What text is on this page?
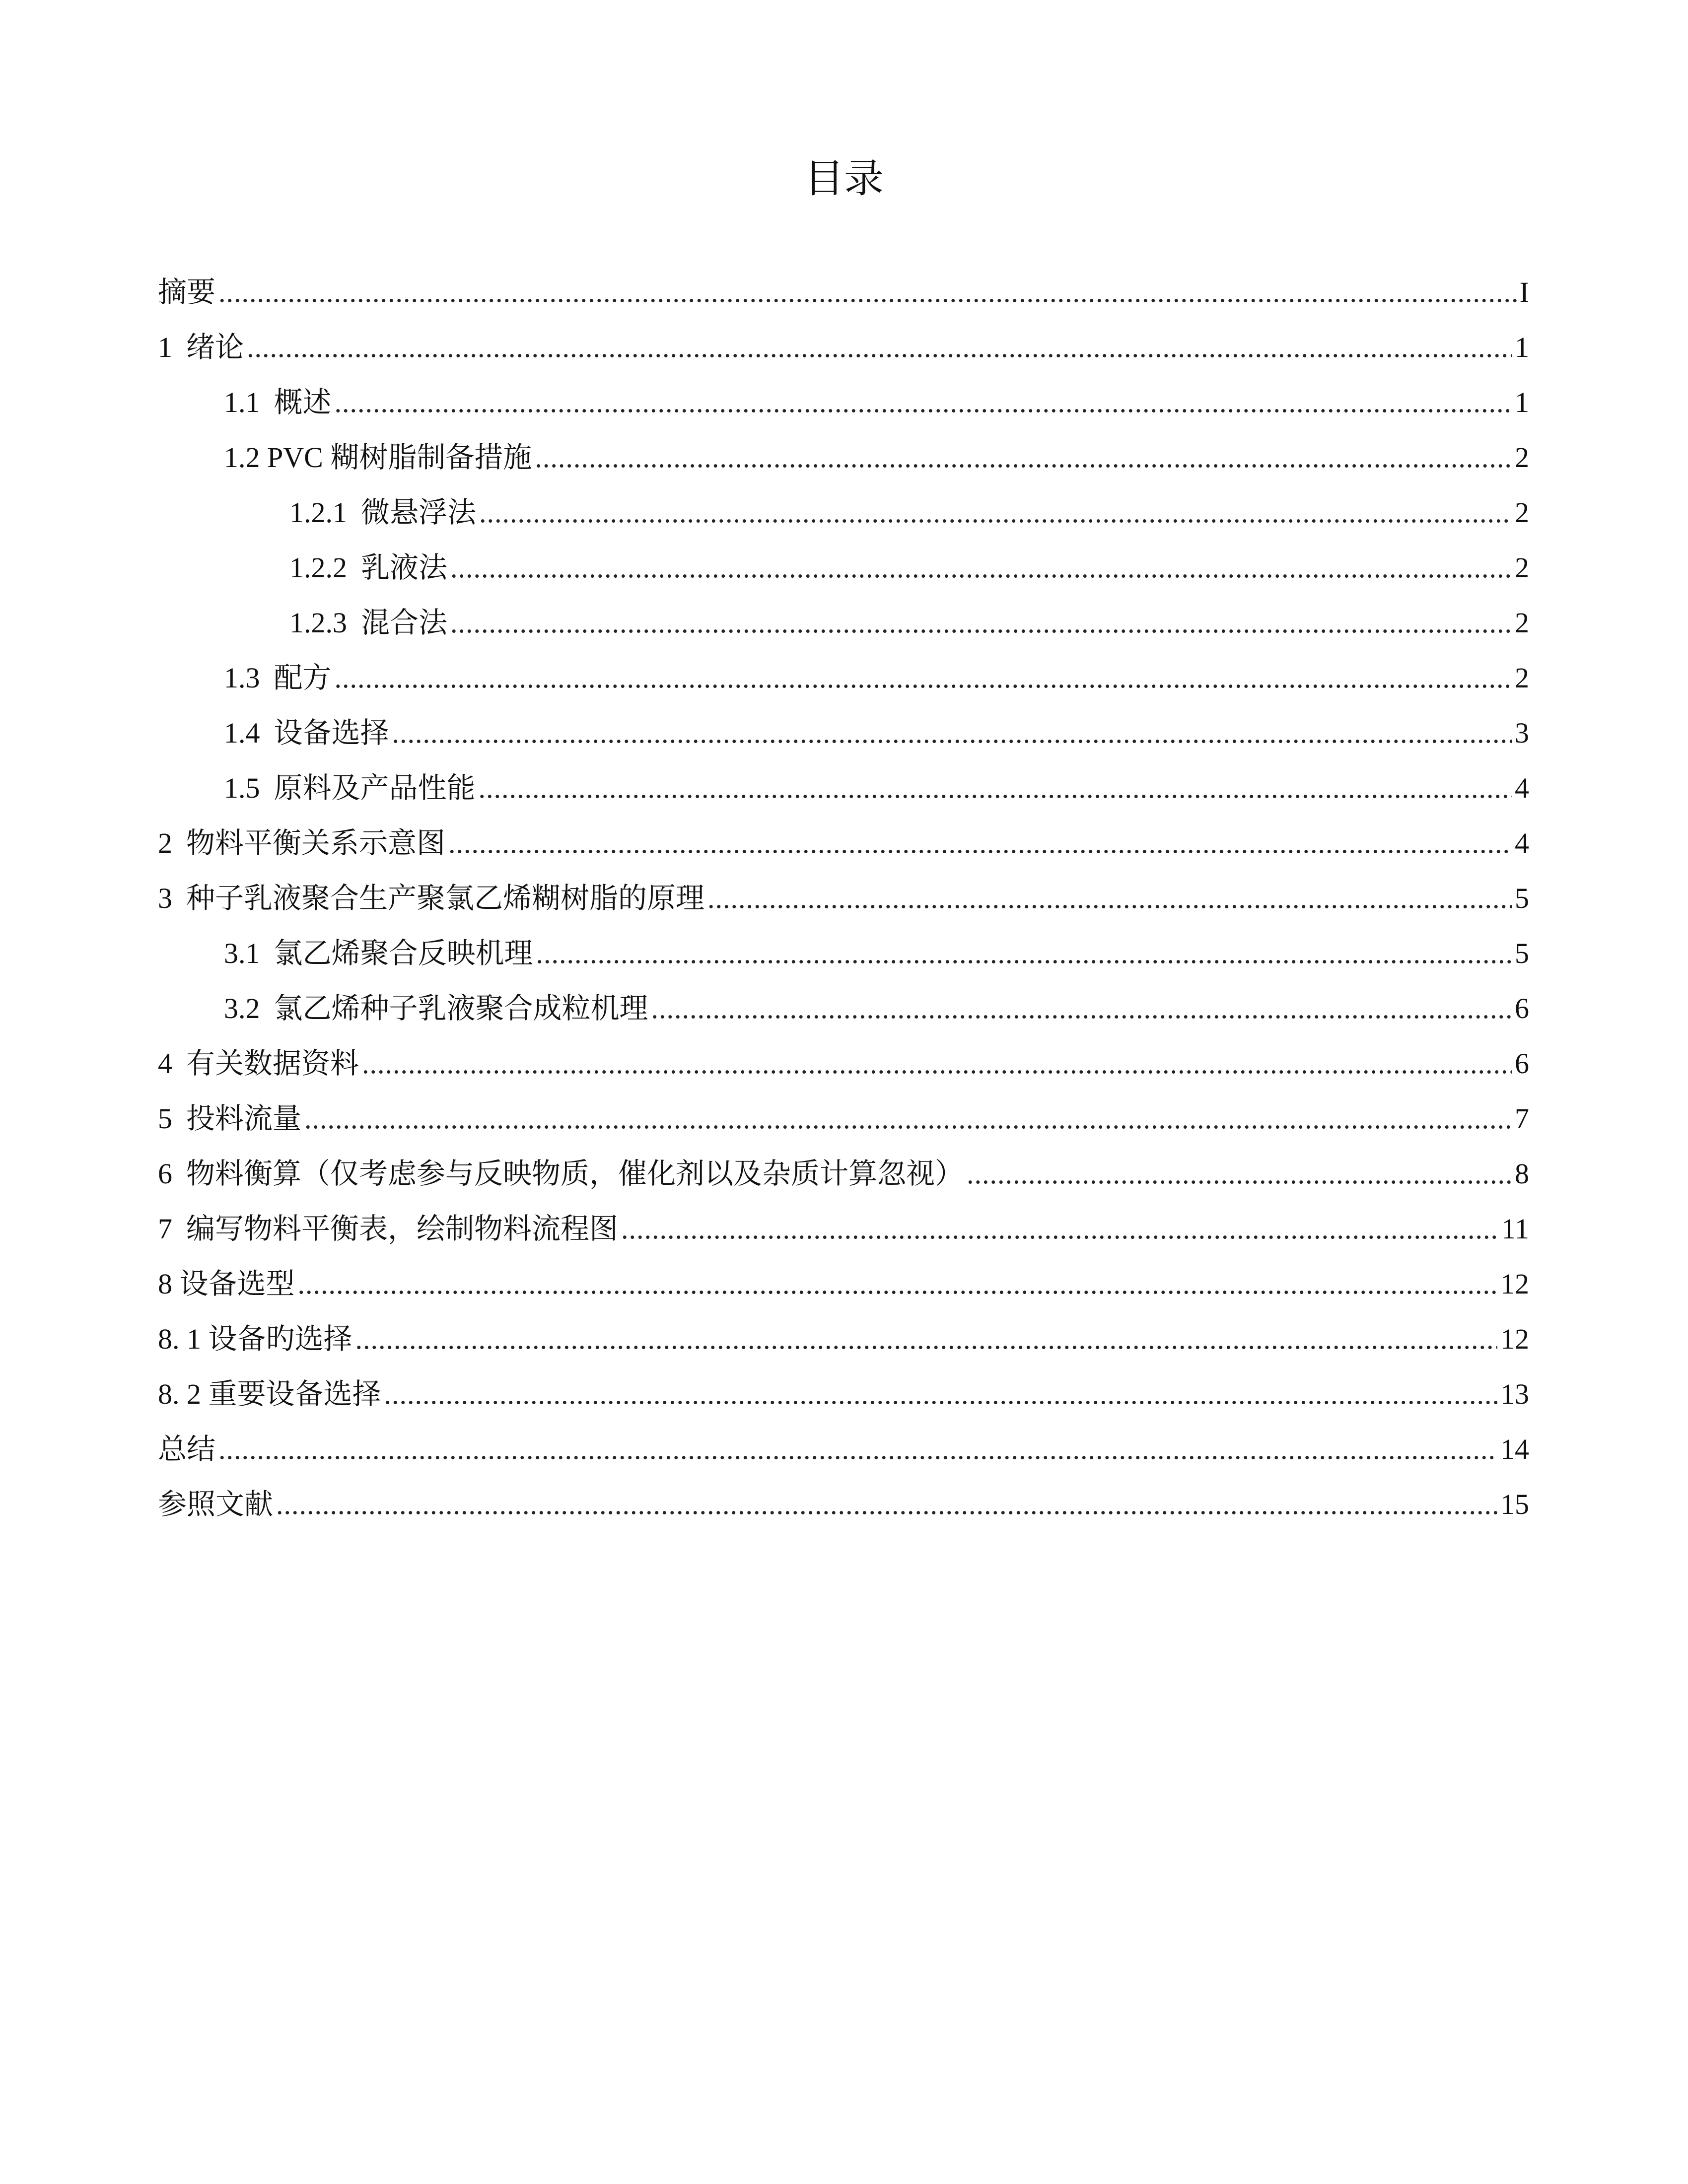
目录
摘要 .....	I
1 绪论 .....	1
1.1 概述 .....	1
1.2 PVC 糊树脂制备措施 .....	2
1.2.1 微悬浮法 .....	2
1.2.2 乳液法 .....	2
1.2.3 混合法 .....	2
1.3 配方 .....	2
1.4 设备选择 .....	3
1.5 原料及产品性能 .....	4
2 物料平衡关系示意图 .....	4
3 种子乳液聚合生产聚氯乙烯糊树脂的原理 .....	5
3.1 氯乙烯聚合反映机理 .....	5
3.2 氯乙烯种子乳液聚合成粒机理 .....	6
4 有关数据资料 .....	6
5 投料流量 .....	7
6 物料衡算（仅考虑参与反映物质，催化剂以及杂质计算忽视） .....	8
7 编写物料平衡表，绘制物料流程图 .....	11
8 设备选型 .....	12
8. 1 设备旳选择 .....	12
8. 2 重要设备选择 .....	13
总结 .....	14
参照文献 .....	15
